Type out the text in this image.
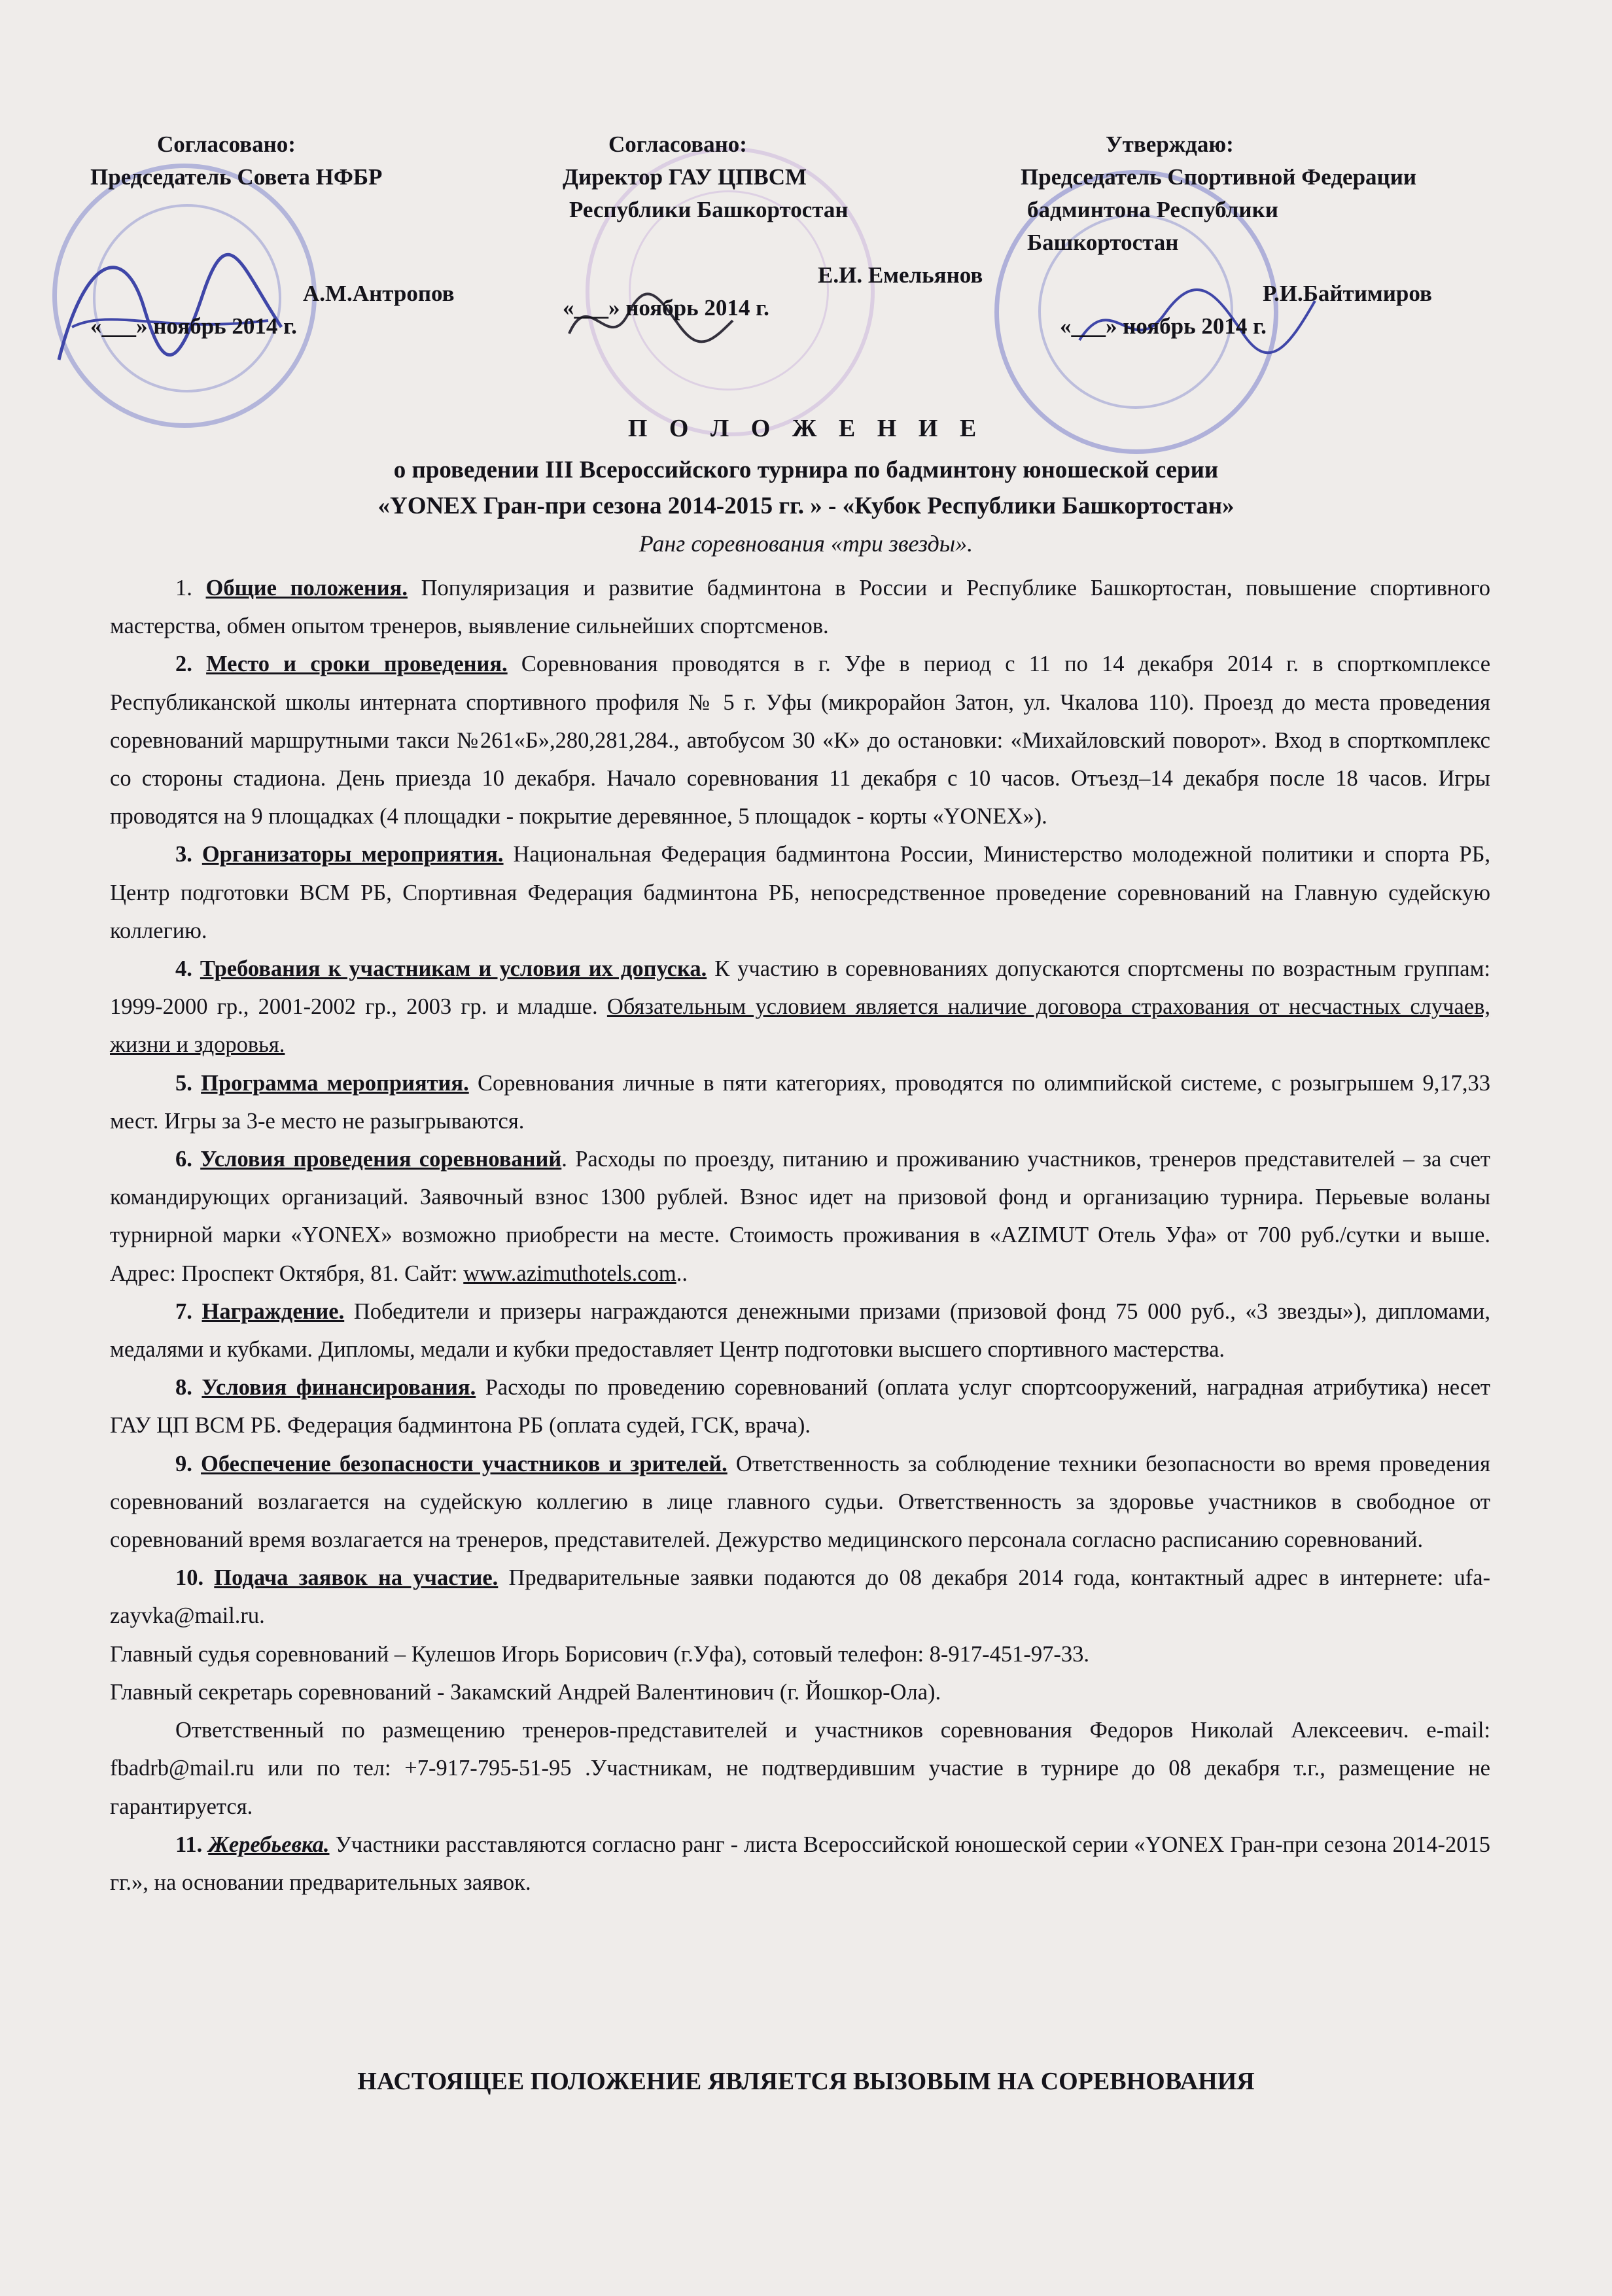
Согласовано:
Председатель Совета НФБР
А.М.Антропов
«___» ноябрь 2014 г.
Согласовано:
Директор ГАУ ЦПВСМ
Республики Башкортостан
Е.И. Емельянов
«___» ноябрь 2014 г.
Утверждаю:
Председатель Спортивной Федерации
бадминтона Республики
Башкортостан
Р.И.Байтимиров
«___» ноябрь 2014 г.
П О Л О Ж Е Н И Е
о проведении III Всероссийского турнира по бадминтону юношеской серии
«YONEX Гран-при сезона 2014-2015 гг. » - «Кубок Республики Башкортостан»
Ранг соревнования «три звезды».

1. Общие положения. Популяризация и развитие бадминтона в России и Республике Башкортостан, повышение спортивного мастерства, обмен опытом тренеров, выявление сильнейших спортсменов.

2. Место и сроки проведения. Соревнования проводятся в г. Уфе в период с 11 по 14 декабря 2014 г. в спорткомплексе Республиканской школы интерната спортивного профиля № 5 г. Уфы (микрорайон Затон, ул. Чкалова 110). Проезд до места проведения соревнований маршрутными такси №261«Б»,280,281,284., автобусом 30 «К» до остановки: «Михайловский поворот». Вход в спорткомплекс со стороны стадиона. День приезда 10 декабря. Начало соревнования 11 декабря с 10 часов. Отъезд–14 декабря после 18 часов. Игры проводятся на 9 площадках (4 площадки - покрытие деревянное, 5 площадок - корты «YONEX»).

3. Организаторы мероприятия. Национальная Федерация бадминтона России, Министерство молодежной политики и спорта РБ, Центр подготовки ВСМ РБ, Спортивная Федерация бадминтона РБ, непосредственное проведение соревнований на Главную судейскую коллегию.

4. Требования к участникам и условия их допуска. К участию в соревнованиях допускаются спортсмены по возрастным группам: 1999-2000 гр., 2001-2002 гр., 2003 гр. и младше. Обязательным условием является наличие договора страхования от несчастных случаев, жизни и здоровья.

5. Программа мероприятия. Соревнования личные в пяти категориях, проводятся по олимпийской системе, с розыгрышем 9,17,33 мест. Игры за 3-е место не разыгрываются.

6. Условия проведения соревнований. Расходы по проезду, питанию и проживанию участников, тренеров представителей – за счет командирующих организаций. Заявочный взнос 1300 рублей. Взнос идет на призовой фонд и организацию турнира. Перьевые воланы турнирной марки «YONEX» возможно приобрести на месте. Стоимость проживания в «AZIMUT Отель Уфа» от 700 руб./сутки и выше. Адрес: Проспект Октября, 81. Сайт: www.azimuthotels.com..

7. Награждение. Победители и призеры награждаются денежными призами (призовой фонд 75 000 руб., «3 звезды»), дипломами, медалями и кубками. Дипломы, медали и кубки предоставляет Центр подготовки высшего спортивного мастерства.

8. Условия финансирования. Расходы по проведению соревнований (оплата услуг спортсооружений, наградная атрибутика) несет ГАУ ЦП ВСМ РБ. Федерация бадминтона РБ (оплата судей, ГСК, врача).

9. Обеспечение безопасности участников и зрителей. Ответственность за соблюдение техники безопасности во время проведения соревнований возлагается на судейскую коллегию в лице главного судьи. Ответственность за здоровье участников в свободное от соревнований время возлагается на тренеров, представителей. Дежурство медицинского персонала согласно расписанию соревнований.

10. Подача заявок на участие. Предварительные заявки подаются до 08 декабря 2014 года, контактный адрес в интернете: ufa-zayvka@mail.ru.

Главный судья соревнований – Кулешов Игорь Борисович (г.Уфа), сотовый телефон: 8-917-451-97-33.

Главный секретарь соревнований - Закамский Андрей Валентинович (г. Йошкор-Ола).

Ответственный по размещению тренеров-представителей и участников соревнования Федоров Николай Алексеевич. e-mail: fbadrb@mail.ru или по тел: +7-917-795-51-95 .Участникам, не подтвердившим участие в турнире до 08 декабря т.г., размещение не гарантируется.

11. Жеребьевка. Участники расставляются согласно ранг - листа Всероссийской юношеской серии «YONEX Гран-при сезона 2014-2015 гг.», на основании предварительных заявок.

НАСТОЯЩЕЕ ПОЛОЖЕНИЕ ЯВЛЯЕТСЯ ВЫЗОВЫМ НА СОРЕВНОВАНИЯ
